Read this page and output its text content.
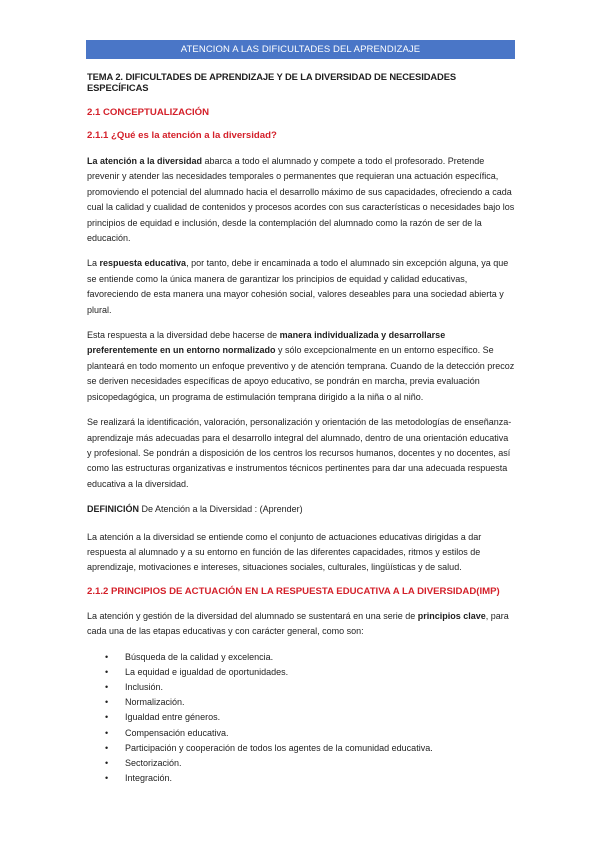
ATENCION A LAS DIFICULTADES DEL APRENDIZAJE
TEMA 2. DIFICULTADES DE APRENDIZAJE Y DE LA DIVERSIDAD DE NECESIDADES ESPECÍFICAS
2.1 CONCEPTUALIZACIÓN
2.1.1 ¿Qué es la atención a la diversidad?

La atención a la diversidad abarca a todo el alumnado y compete a todo el profesorado. Pretende prevenir y atender las necesidades temporales o permanentes que requieran una actuación específica, promoviendo el potencial del alumnado hacia el desarrollo máximo de sus capacidades, ofreciendo a cada cual la calidad y cualidad de contenidos y procesos acordes con sus características o necesidades bajo los principios de equidad e inclusión, desde la contemplación del alumnado como la razón de ser de la educación.

La respuesta educativa, por tanto, debe ir encaminada a todo el alumnado sin excepción alguna, ya que se entiende como la única manera de garantizar los principios de equidad y calidad educativas, favoreciendo de esta manera una mayor cohesión social, valores deseables para una sociedad abierta y plural.

Esta respuesta a la diversidad debe hacerse de manera individualizada y desarrollarse preferentemente en un entorno normalizado y sólo excepcionalmente en un entorno específico. Se planteará en todo momento un enfoque preventivo y de atención temprana. Cuando de la detección precoz se deriven necesidades específicas de apoyo educativo, se pondrán en marcha, previa evaluación psicopedagógica, un programa de estimulación temprana dirigido a la niña o al niño.

Se realizará la identificación, valoración, personalización y orientación de las metodologías de enseñanza-aprendizaje más adecuadas para el desarrollo integral del alumnado, dentro de una orientación educativa y profesional. Se pondrán a disposición de los centros los recursos humanos, docentes y no docentes, así como las estructuras organizativas e instrumentos técnicos pertinentes para dar una adecuada respuesta educativa a la diversidad.

DEFINICIÓN De Atención a la Diversidad : (Aprender)

La atención a la diversidad se entiende como el conjunto de actuaciones educativas dirigidas a dar respuesta al alumnado y a su entorno en función de las diferentes capacidades, ritmos y estilos de aprendizaje, motivaciones e intereses, situaciones sociales, culturales, lingüísticas y de salud.

2.1.2 PRINCIPIOS DE ACTUACIÓN EN LA RESPUESTA EDUCATIVA A LA DIVERSIDAD(IMP)

La atención y gestión de la diversidad del alumnado se sustentará en una serie de principios clave, para cada una de las etapas educativas y con carácter general, como son:

• Búsqueda de la calidad y excelencia.
• La equidad e igualdad de oportunidades.
• Inclusión.
• Normalización.
• Igualdad entre géneros.
• Compensación educativa.
• Participación y cooperación de todos los agentes de la comunidad educativa.
• Sectorización.
• Integración.
